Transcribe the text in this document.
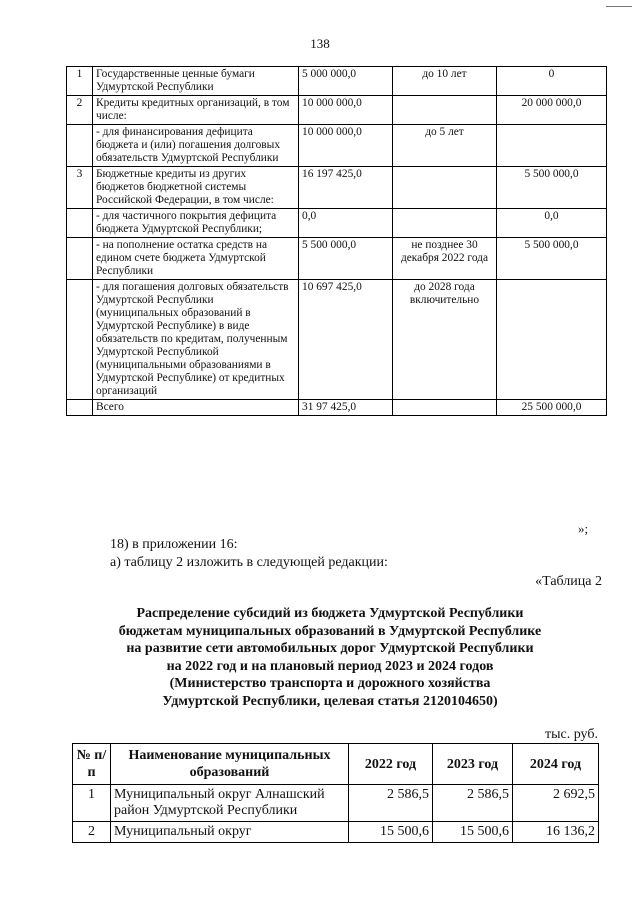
138
1	Государственные ценные бумаги Удмуртской Республики	5 000 000,0	до 10 лет	0
2	Кредиты кредитных организаций, в том числе:	10 000 000,0		20 000 000,0
	- для финансирования дефицита бюджета и (или) погашения долговых обязательств Удмуртской Республики	10 000 000,0	до 5 лет	
3	Бюджетные кредиты из других бюджетов бюджетной системы Российской Федерации, в том числе:	16 197 425,0		5 500 000,0
	- для частичного покрытия дефицита бюджета Удмуртской Республики;	0,0		0,0
	- на пополнение остатка средств на едином счете бюджета Удмуртской Республики	5 500 000,0	не позднее 30 декабря 2022 года	5 500 000,0
	- для погашения долговых обязательств Удмуртской Республики (муниципальных образований в Удмуртской Республике) в виде обязательств по кредитам, полученным Удмуртской Республикой (муниципальными образованиями в Удмуртской Республике) от кредитных организаций	10 697 425,0	до 2028 года включительно	
	Всего	31 97 425,0		25 500 000,0
»;
18) в приложении 16:
а) таблицу 2 изложить в следующей редакции:
«Таблица 2
Распределение субсидий из бюджета Удмуртской Республики
бюджетам муниципальных образований в Удмуртской Республике
на развитие сети автомобильных дорог Удмуртской Республики
на 2022 год и на плановый период 2023 и 2024 годов
(Министерство транспорта и дорожного хозяйства
Удмуртской Республики, целевая статья 2120104650)
тыс. руб.
№ п/п	Наименование муниципальных образований	2022 год	2023 год	2024 год
1	Муниципальный округ Алнашский район Удмуртской Республики	2 586,5	2 586,5	2 692,5
2	Муниципальный округ	15 500,6	15 500,6	16 136,2
